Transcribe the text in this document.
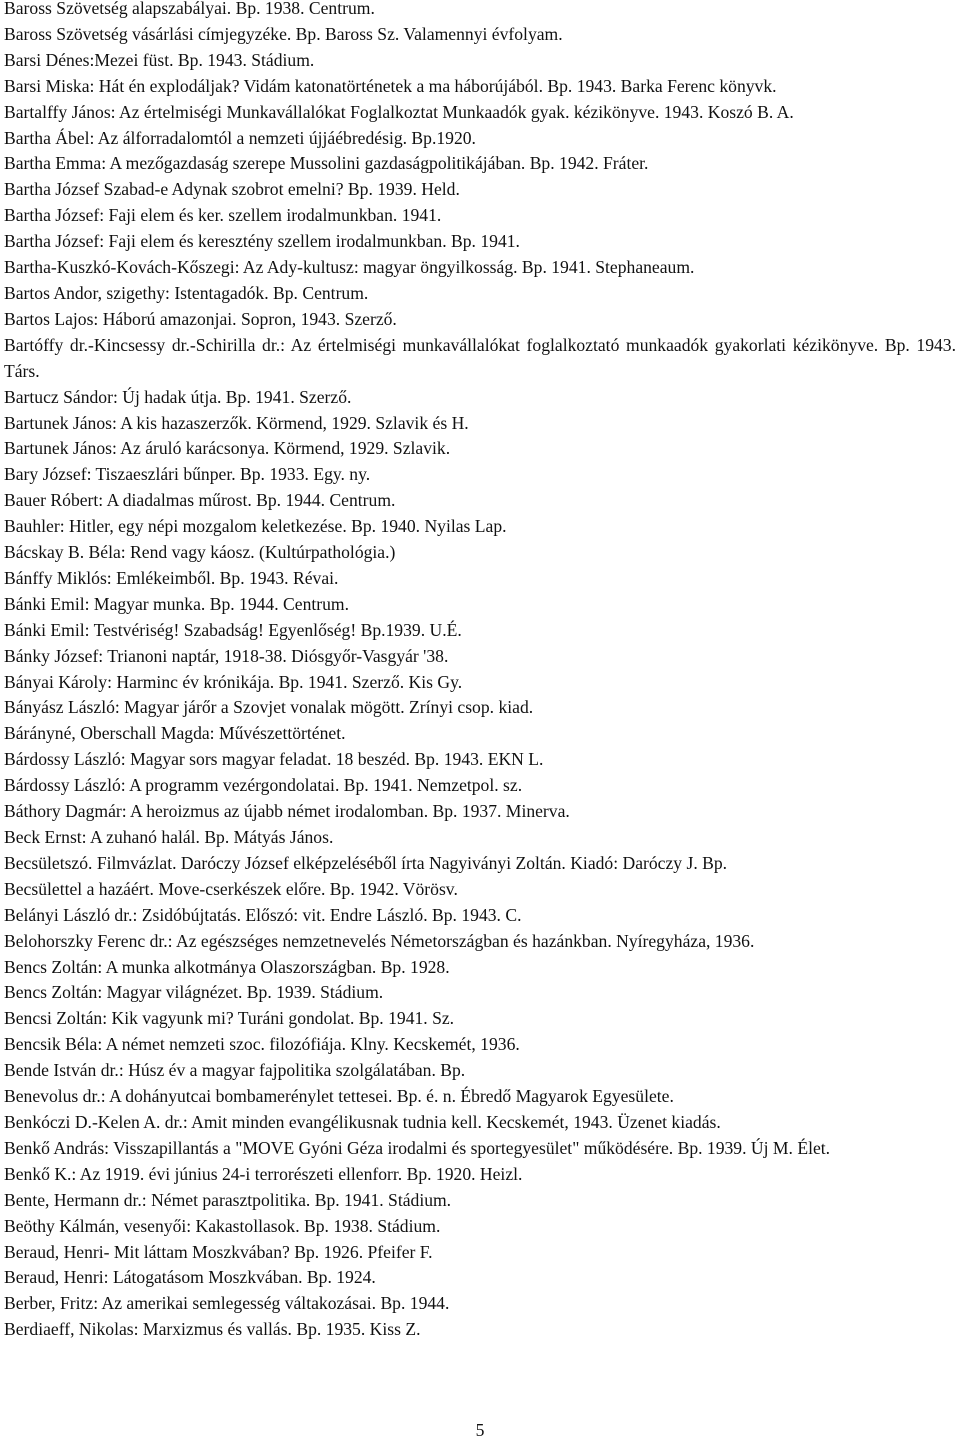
Baross Szövetség alapszabályai. Bp. 1938. Centrum.
Baross Szövetség vásárlási címjegyzéke. Bp. Baross Sz. Valamennyi évfolyam.
Barsi Dénes:Mezei füst. Bp. 1943. Stádium.
Barsi Miska: Hát én explodáljak? Vidám katonatörténetek a ma háborújából. Bp. 1943. Barka Ferenc könyvk.
Bartalffy János: Az értelmiségi Munkavállalókat Foglalkoztat Munkaadók gyak. kézikönyve. 1943. Koszó B. A.
Bartha Ábel: Az álforradalomtól a nemzeti újjáébredésig. Bp.1920.
Bartha Emma: A mezőgazdaság szerepe Mussolini gazdaságpolitikájában. Bp. 1942. Fráter.
Bartha József Szabad-e Adynak szobrot emelni? Bp. 1939. Held.
Bartha József: Faji elem és ker. szellem irodalmunkban. 1941.
Bartha József: Faji elem és keresztény szellem irodalmunkban. Bp. 1941.
Bartha-Kuszkó-Kovách-Kőszegi: Az Ady-kultusz: magyar öngyilkosság. Bp. 1941. Stephaneaum.
Bartos Andor, szigethy: Istentagadók. Bp. Centrum.
Bartos Lajos: Háború amazonjai. Sopron, 1943. Szerző.
Bartóffy dr.-Kincsessy dr.-Schirilla dr.: Az értelmiségi munkavállalókat foglalkoztató munkaadók gyakorlati kézikönyve. Bp. 1943. Társ.
Bartucz Sándor: Új hadak útja. Bp. 1941. Szerző.
Bartunek János: A kis hazaszerzők. Körmend, 1929. Szlavik és H.
Bartunek János: Az áruló karácsonya. Körmend, 1929. Szlavik.
Bary József: Tiszaeszlári bűnper. Bp. 1933. Egy. ny.
Bauer Róbert: A diadalmas műrost. Bp. 1944. Centrum.
Bauhler: Hitler, egy népi mozgalom keletkezése. Bp. 1940. Nyilas Lap.
Bácskay B. Béla: Rend vagy káosz. (Kultúrpathológia.)
Bánffy Miklós: Emlékeimből. Bp. 1943. Révai.
Bánki Emil: Magyar munka. Bp. 1944. Centrum.
Bánki Emil: Testvériség! Szabadság! Egyenlőség! Bp.1939. U.É.
Bánky József: Trianoni naptár, 1918-38. Diósgyőr-Vasgyár '38.
Bányai Károly: Harminc év krónikája. Bp. 1941. Szerző. Kis Gy.
Bányász László: Magyar járőr a Szovjet vonalak mögött. Zrínyi csop. kiad.
Bárányné, Oberschall Magda: Művészettörténet.
Bárdossy László: Magyar sors magyar feladat. 18 beszéd. Bp. 1943. EKN L.
Bárdossy László: A programm vezérgondolatai. Bp. 1941. Nemzetpol. sz.
Báthory Dagmár: A heroizmus az újabb német irodalomban. Bp. 1937. Minerva.
Beck Ernst: A zuhanó halál. Bp. Mátyás János.
Becsületszó. Filmvázlat. Daróczy József elképzeléséből írta Nagyiványi Zoltán. Kiadó: Daróczy J. Bp.
Becsülettel a hazáért. Move-cserkészek előre. Bp. 1942. Vörösv.
Belányi László dr.: Zsidóbújtatás. Előszó: vit. Endre László. Bp. 1943. C.
Belohorszky Ferenc dr.: Az egészséges nemzetnevelés Németországban és hazánkban. Nyíregyháza, 1936.
Bencs Zoltán: A munka alkotmánya Olaszországban. Bp. 1928.
Bencs Zoltán: Magyar világnézet. Bp. 1939. Stádium.
Bencsi Zoltán: Kik vagyunk mi? Turáni gondolat. Bp. 1941. Sz.
Bencsik Béla: A német nemzeti szoc. filozófiája. Klny. Kecskemét, 1936.
Bende István dr.: Húsz év a magyar fajpolitika szolgálatában. Bp.
Benevolus dr.: A dohányutcai bombamerénylet tettesei. Bp. é. n. Ébredő Magyarok Egyesülete.
Benkóczi D.-Kelen A. dr.: Amit minden evangélikusnak tudnia kell. Kecskemét, 1943. Üzenet kiadás.
Benkő András: Visszapillantás a "MOVE Gyóni Géza irodalmi és sportegyesület" működésére. Bp. 1939. Új M. Élet.
Benkő K.: Az 1919. évi június 24-i terrorészeti ellenforr. Bp. 1920. Heizl.
Bente, Hermann dr.: Német parasztpolitika. Bp. 1941. Stádium.
Beöthy Kálmán, vesenyői: Kakastollasok. Bp. 1938. Stádium.
Beraud, Henri- Mit láttam Moszkvában? Bp. 1926. Pfeifer F.
Beraud, Henri: Látogatásom Moszkvában. Bp. 1924.
Berber, Fritz: Az amerikai semlegesség váltakozásai. Bp. 1944.
Berdiaeff, Nikolas: Marxizmus és vallás. Bp. 1935. Kiss Z.
5
